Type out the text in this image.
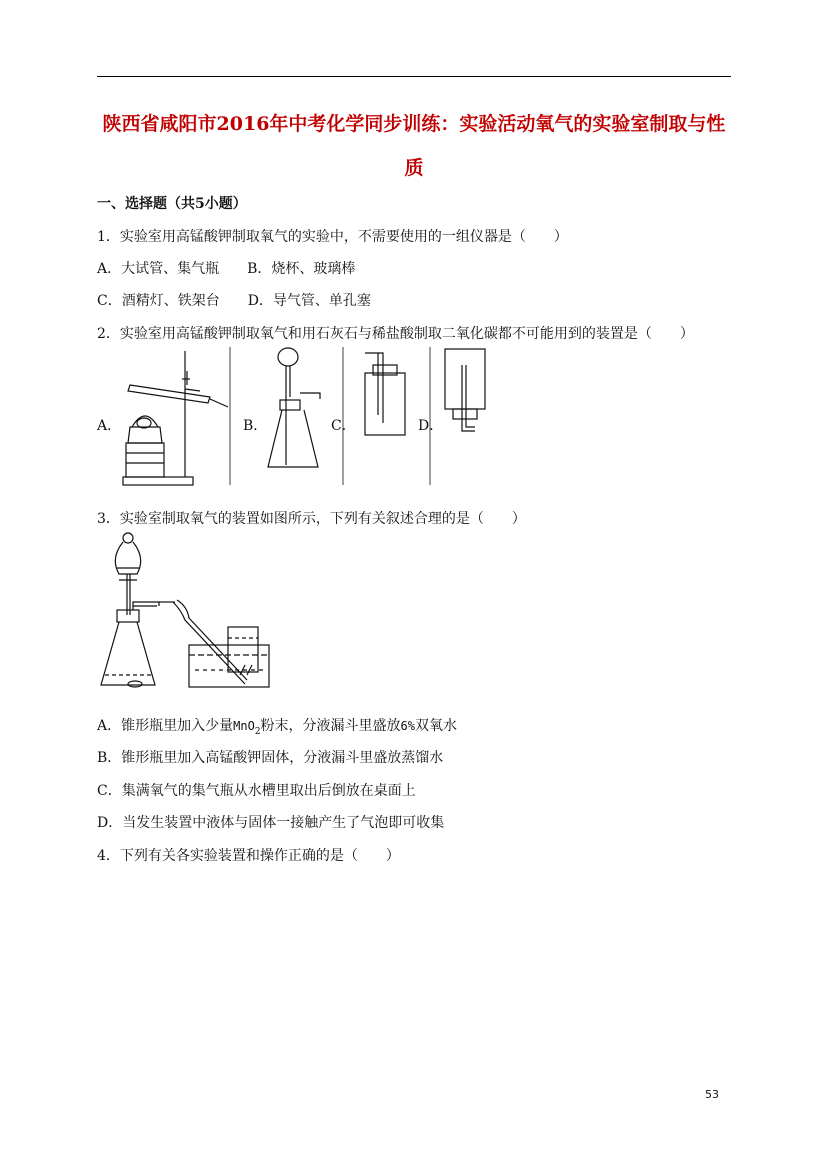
陕西省咸阳市2016年中考化学同步训练：实验活动氧气的实验室制取与性
质
一、选择题（共5小题）
1．实验室用高锰酸钾制取氧气的实验中，不需要使用的一组仪器是（　　）
A．大试管、集气瓶　　B．烧杯、玻璃棒
C．酒精灯、铁架台　　D．导气管、单孔塞
2．实验室用高锰酸钾制取氧气和用石灰石与稀盐酸制取二氧化碳都不可能用到的装置是（　　）
A．	B．	C．	D．
3．实验室制取氧气的装置如图所示，下列有关叙述合理的是（　　）
A．锥形瓶里加入少量MnO$_2$粉末，分液漏斗里盛放6%双氧水
B．锥形瓶里加入高锰酸钾固体，分液漏斗里盛放蒸馏水
C．集满氧气的集气瓶从水槽里取出后倒放在桌面上
D．当发生装置中液体与固体一接触产生了气泡即可收集
4．下列有关各实验装置和操作正确的是（　　）
53
